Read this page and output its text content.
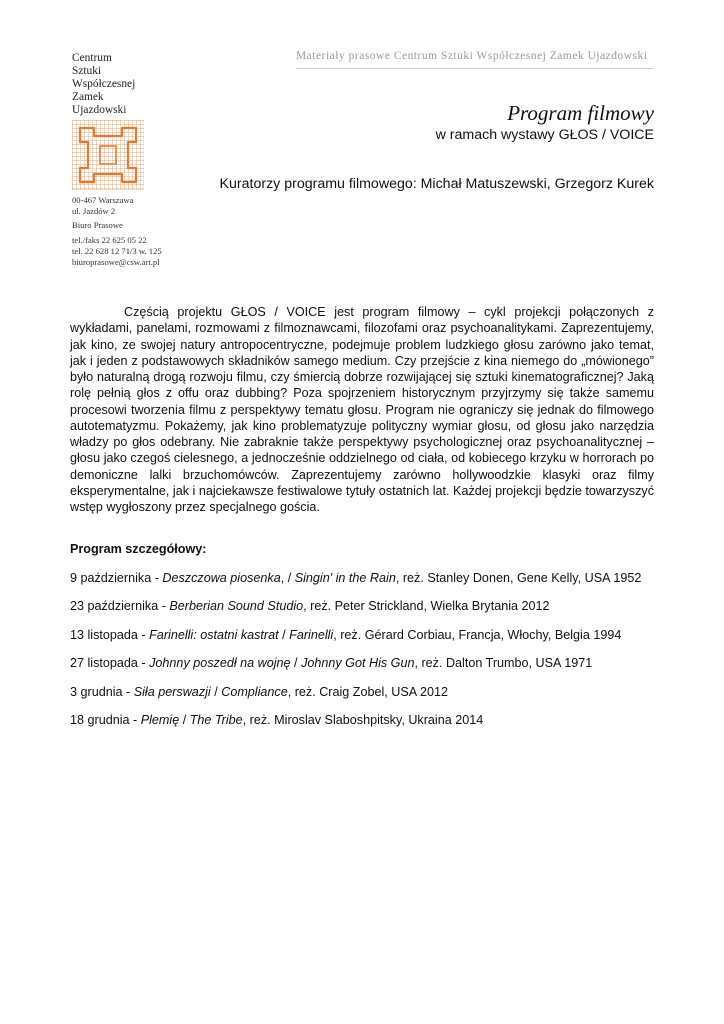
Materiały prasowe Centrum Sztuki Współczesnej Zamek Ujazdowski

Centrum
Sztuki
Współczesnej
Zamek
Ujazdowski
00-467 Warszawa
ul. Jazdów 2
Biuro Prasowe
tel./faks 22 625 05 22
tel. 22 628 12 71/3 w. 125
biuroprasowe@csw.art.pl
Program filmowy
w ramach wystawy GŁOS / VOICE
Kuratorzy programu filmowego: Michał Matuszewski, Grzegorz Kurek

Częścią projektu GŁOS / VOICE jest program filmowy – cykl projekcji połączonych z wykładami, panelami, rozmowami z filmoznawcami, filozofami oraz psychoanalitykami. Zaprezentujemy, jak kino, ze swojej natury antropocentryczne, podejmuje problem ludzkiego głosu zarówno jako temat, jak i jeden z podstawowych składników samego medium. Czy przejście z kina niemego do „mówionego” było naturalną drogą rozwoju filmu, czy śmiercią dobrze rozwijającej się sztuki kinematograficznej? Jaką rolę pełnią głos z offu oraz dubbing? Poza spojrzeniem historycznym przyjrzymy się także samemu procesowi tworzenia filmu z perspektywy tematu głosu. Program nie ograniczy się jednak do filmowego autotematyzmu. Pokażemy, jak kino problematyzuje polityczny wymiar głosu, od głosu jako narzędzia władzy po głos odebrany. Nie zabraknie także perspektywy psychologicznej oraz psychoanalitycznej – głosu jako czegoś cielesnego, a jednocześnie oddzielnego od ciała, od kobiecego krzyku w horrorach po demoniczne lalki brzuchomówców. Zaprezentujemy zarówno hollywoodzkie klasyki oraz filmy eksperymentalne, jak i najciekawsze festiwalowe tytuły ostatnich lat. Każdej projekcji będzie towarzyszyć wstęp wygłoszony przez specjalnego gościa.

Program szczegółowy:

9 października - Deszczowa piosenka, / Singin' in the Rain, reż. Stanley Donen, Gene Kelly, USA 1952
23 października - Berberian Sound Studio, reż. Peter Strickland, Wielka Brytania 2012
13 listopada - Farinelli: ostatni kastrat / Farinelli, reż. Gérard Corbiau, Francja, Włochy, Belgia 1994
27 listopada - Johnny poszedł na wojnę / Johnny Got His Gun, reż. Dalton Trumbo, USA 1971
3 grudnia - Siła perswazji / Compliance, reż. Craig Zobel, USA 2012
18 grudnia - Plemię / The Tribe, reż. Miroslav Slaboshpitsky, Ukraina 2014
